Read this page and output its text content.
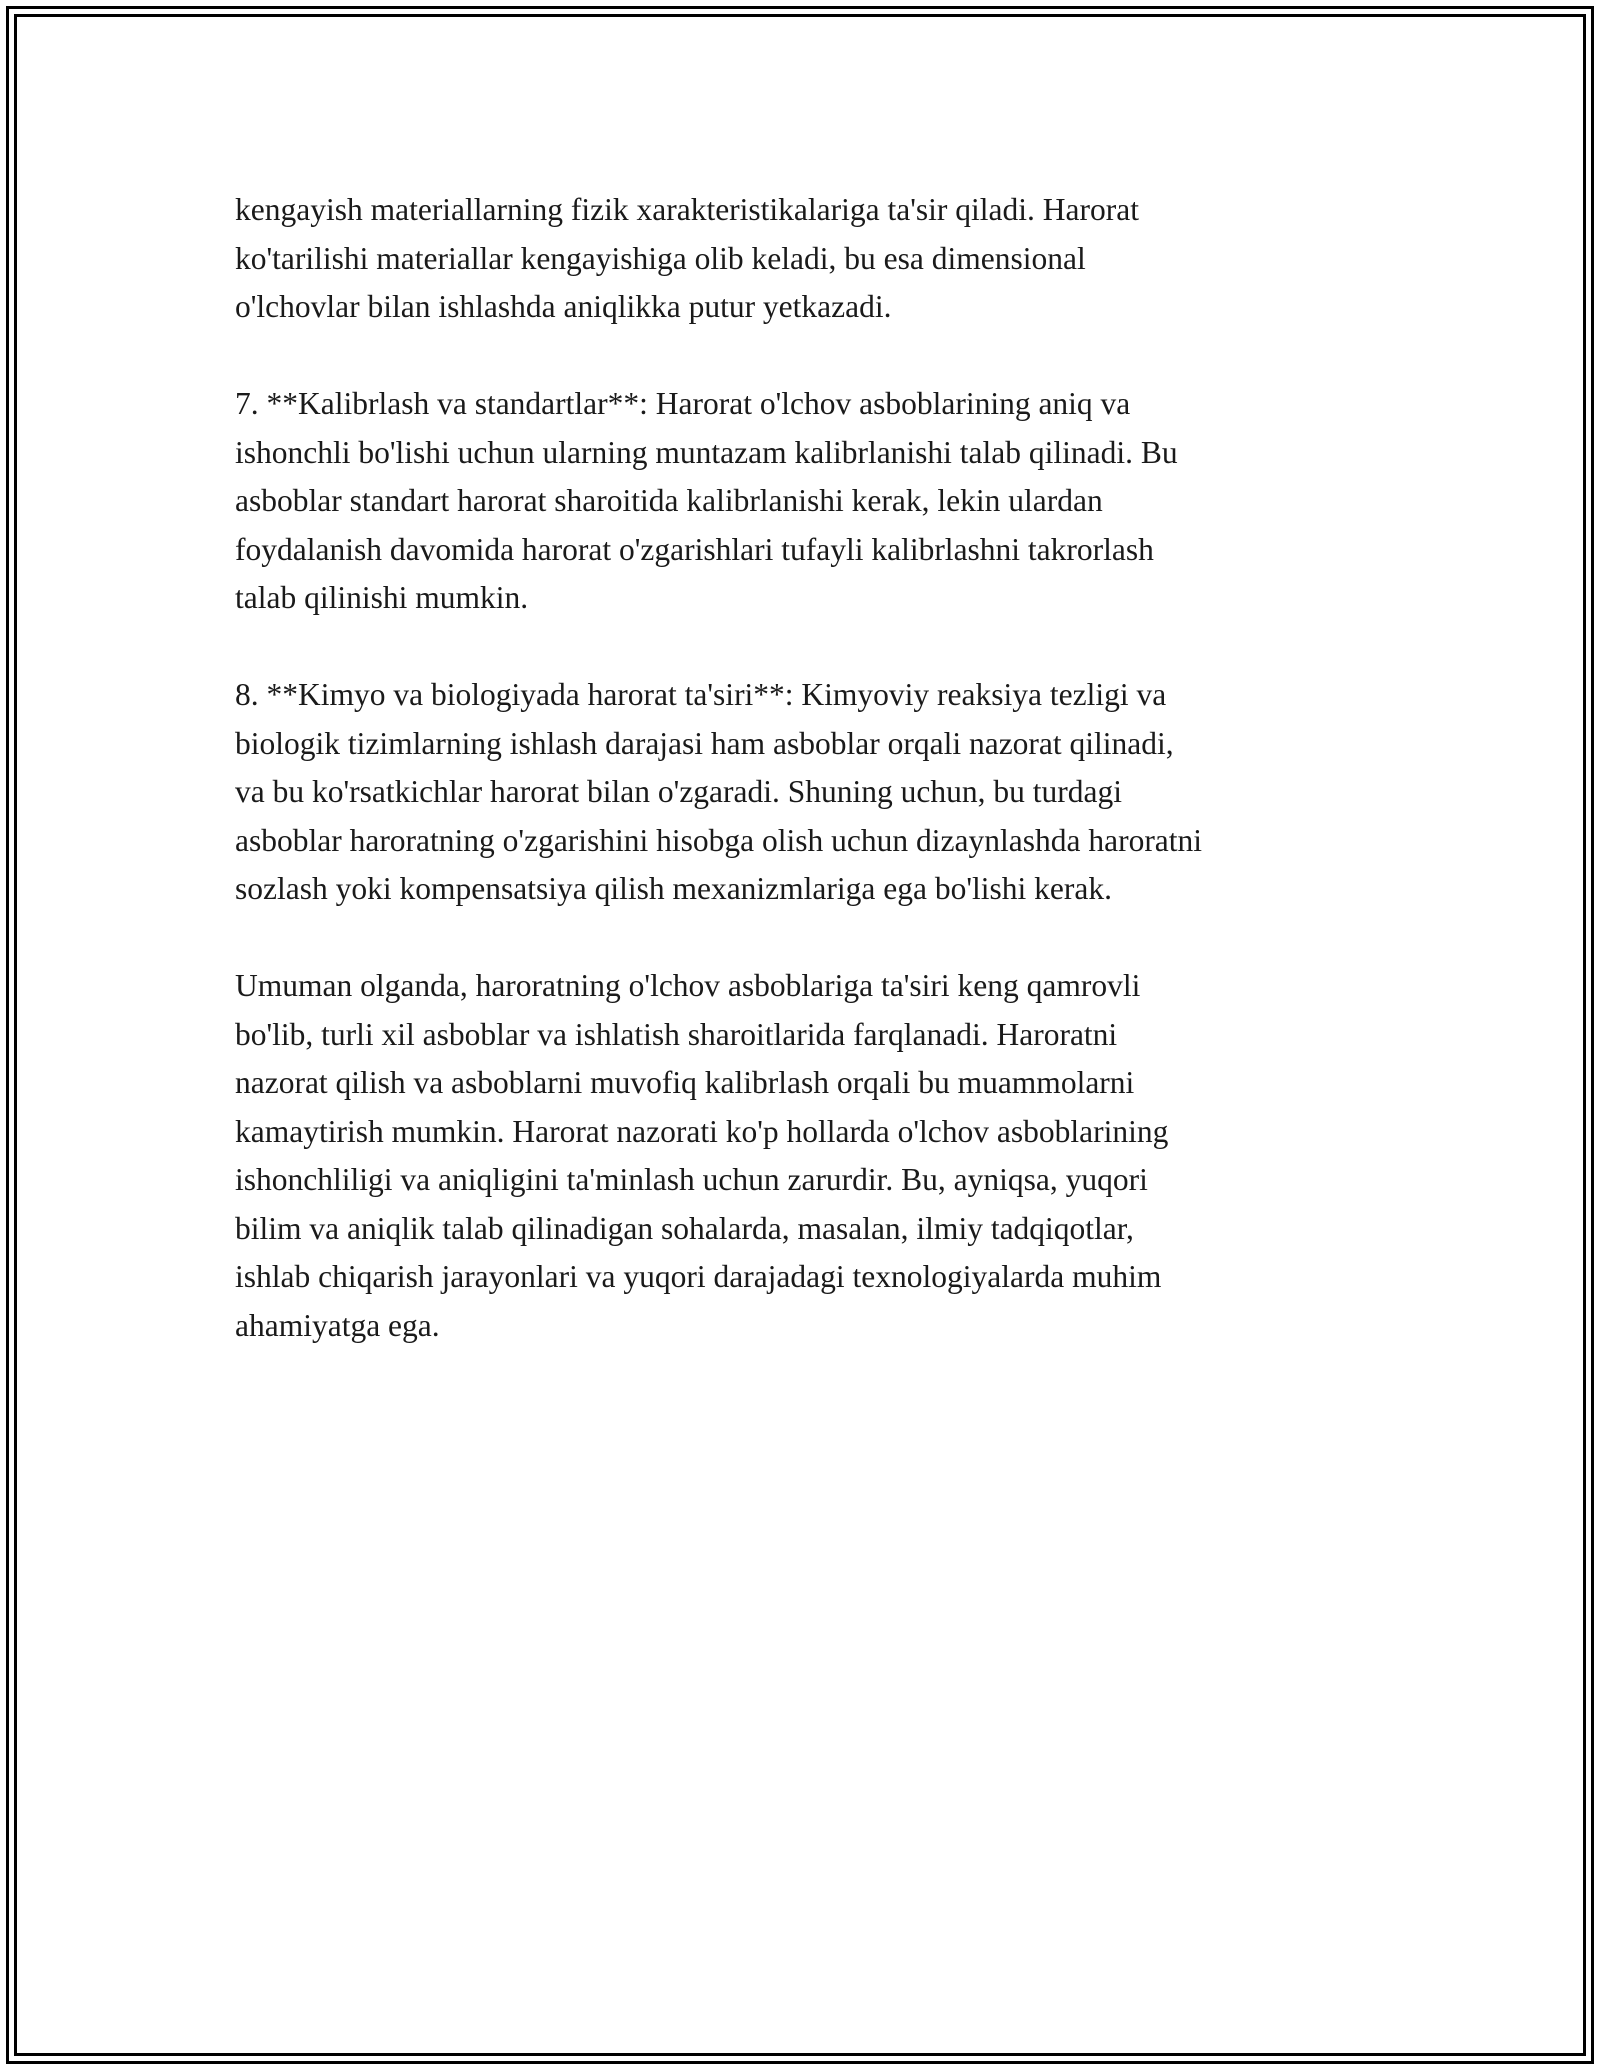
kengayish materiallarning fizik xarakteristikalariga ta'sir qiladi. Harorat
ko'tarilishi materiallar kengayishiga olib keladi, bu esa dimensional
o'lchovlar bilan ishlashda aniqlikka putur yetkazadi.

7. **Kalibrlash va standartlar**: Harorat o'lchov asboblarining aniq va
ishonchli bo'lishi uchun ularning muntazam kalibrlanishi talab qilinadi. Bu
asboblar standart harorat sharoitida kalibrlanishi kerak, lekin ulardan
foydalanish davomida harorat o'zgarishlari tufayli kalibrlashni takrorlash
talab qilinishi mumkin.

8. **Kimyo va biologiyada harorat ta'siri**: Kimyoviy reaksiya tezligi va
biologik tizimlarning ishlash darajasi ham asboblar orqali nazorat qilinadi,
va bu ko'rsatkichlar harorat bilan o'zgaradi. Shuning uchun, bu turdagi
asboblar haroratning o'zgarishini hisobga olish uchun dizaynlashda haroratni
sozlash yoki kompensatsiya qilish mexanizmlariga ega bo'lishi kerak.

Umuman olganda, haroratning o'lchov asboblariga ta'siri keng qamrovli
bo'lib, turli xil asboblar va ishlatish sharoitlarida farqlanadi. Haroratni
nazorat qilish va asboblarni muvofiq kalibrlash orqali bu muammolarni
kamaytirish mumkin. Harorat nazorati ko'p hollarda o'lchov asboblarining
ishonchliligi va aniqligini ta'minlash uchun zarurdir. Bu, ayniqsa, yuqori
bilim va aniqlik talab qilinadigan sohalarda, masalan, ilmiy tadqiqotlar,
ishlab chiqarish jarayonlari va yuqori darajadagi texnologiyalarda muhim
ahamiyatga ega.
